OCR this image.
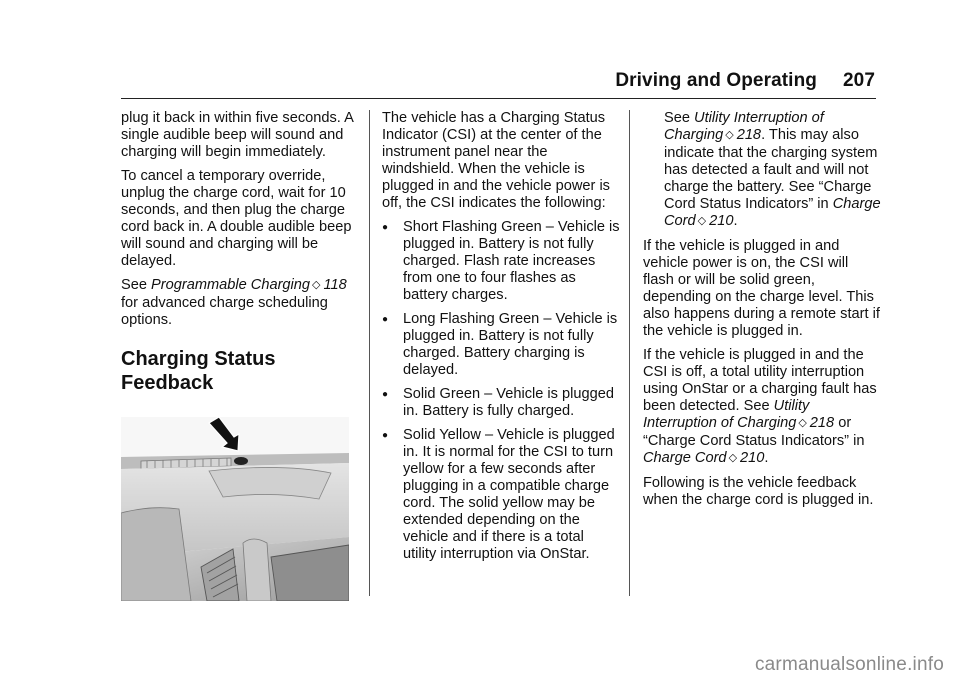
Driving and Operating 207

plug it back in within five seconds. A single audible beep will sound and charging will begin immediately.

To cancel a temporary override, unplug the charge cord, wait for 10 seconds, and then plug the charge cord back in. A double audible beep will sound and charging will be delayed.

See Programmable Charging ◇ 118 for advanced charge scheduling options.

Charging Status
Feedback

The vehicle has a Charging Status Indicator (CSI) at the center of the instrument panel near the windshield. When the vehicle is plugged in and the vehicle power is off, the CSI indicates the following:

● Short Flashing Green – Vehicle is plugged in. Battery is not fully charged. Flash rate increases from one to four flashes as battery charges.
● Long Flashing Green – Vehicle is plugged in. Battery is not fully charged. Battery charging is delayed.
● Solid Green – Vehicle is plugged in. Battery is fully charged.
● Solid Yellow – Vehicle is plugged in. It is normal for the CSI to turn yellow for a few seconds after plugging in a compatible charge cord. The solid yellow may be extended depending on the vehicle and if there is a total utility interruption via OnStar.

See Utility Interruption of Charging ◇ 218. This may also indicate that the charging system has detected a fault and will not charge the battery. See “Charge Cord Status Indicators” in Charge Cord ◇ 210.

If the vehicle is plugged in and vehicle power is on, the CSI will flash or will be solid green, depending on the charge level. This also happens during a remote start if the vehicle is plugged in.

If the vehicle is plugged in and the CSI is off, a total utility interruption using OnStar or a charging fault has been detected. See Utility Interruption of Charging ◇ 218 or “Charge Cord Status Indicators” in Charge Cord ◇ 210.

Following is the vehicle feedback when the charge cord is plugged in.

carmanualsonline.info
